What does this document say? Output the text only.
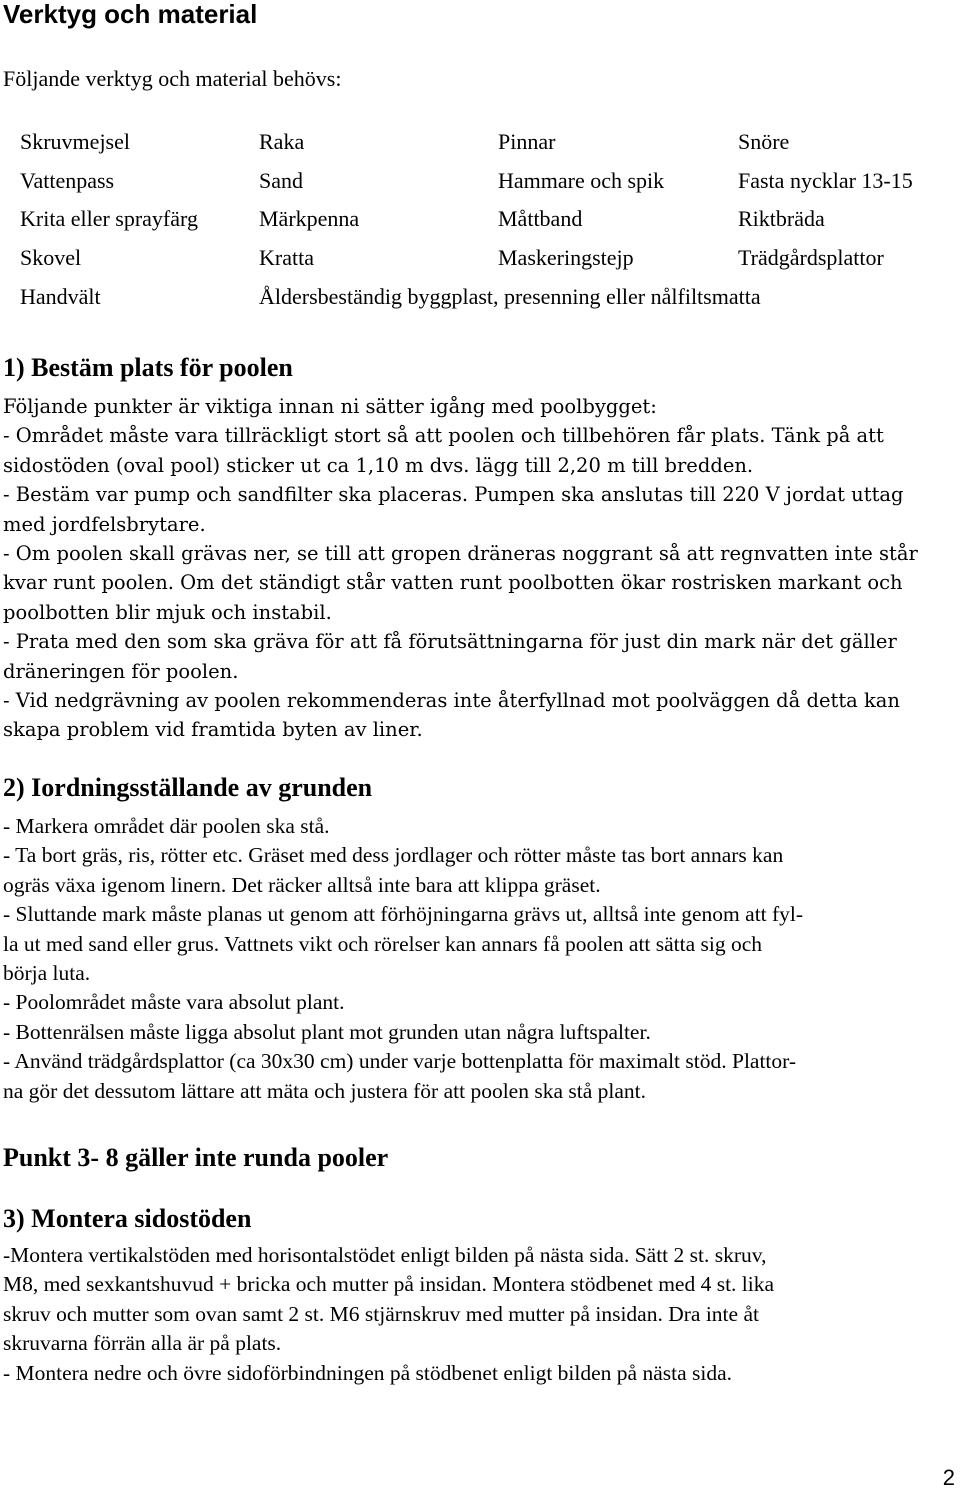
Verktyg och material
Följande verktyg och material behövs:
Skruvmejsel	Raka	Pinnar	Snöre
Vattenpass	Sand	Hammare och spik	Fasta nycklar 13-15
Krita eller sprayfärg	Märkpenna	Måttband	Riktbräda
Skovel	Kratta	Maskeringstejp	Trädgårdsplattor
Handvält	Åldersbeständig byggplast, presenning eller nålfiltsmatta
1) Bestäm plats för poolen
Följande punkter är viktiga innan ni sätter igång med poolbygget:
- Området måste vara tillräckligt stort så att poolen och tillbehören får plats. Tänk på att
sidostöden (oval pool) sticker ut ca 1,10 m dvs. lägg till 2,20 m till bredden.
- Bestäm var pump och sandfilter ska placeras. Pumpen ska anslutas till 220 V jordat uttag
med jordfelsbrytare.
- Om poolen skall grävas ner, se till att gropen dräneras noggrant så att regnvatten inte står
kvar runt poolen. Om det ständigt står vatten runt poolbotten ökar rostrisken markant och
poolbotten blir mjuk och instabil.
- Prata med den som ska gräva för att få förutsättningarna för just din mark när det gäller
dräneringen för poolen.
- Vid nedgrävning av poolen rekommenderas inte återfyllnad mot poolväggen då detta kan
skapa problem vid framtida byten av liner.
2) Iordningsställande av grunden
- Markera området där poolen ska stå.
- Ta bort gräs, ris, rötter etc. Gräset med dess jordlager och rötter måste tas bort annars kan
ogräs växa igenom linern. Det räcker alltså inte bara att klippa gräset.
- Sluttande mark måste planas ut genom att förhöjningarna grävs ut, alltså inte genom att fyl-
la ut med sand eller grus. Vattnets vikt och rörelser kan annars få poolen att sätta sig och
börja luta.
- Poolområdet måste vara absolut plant.
- Bottenrälsen måste ligga absolut plant mot grunden utan några luftspalter.
- Använd trädgårdsplattor (ca 30x30 cm) under varje bottenplatta för maximalt stöd. Plattor-
na gör det dessutom lättare att mäta och justera för att poolen ska stå plant.
Punkt 3- 8 gäller inte runda pooler
3) Montera sidostöden
-Montera vertikalstöden med horisontalstödet enligt bilden på nästa sida. Sätt 2 st. skruv,
M8, med sexkantshuvud + bricka och mutter på insidan. Montera stödbenet med 4 st. lika
skruv och mutter som ovan samt 2 st. M6 stjärnskruv med mutter på insidan. Dra inte åt
skruvarna förrän alla är på plats.
- Montera nedre och övre sidoförbindningen på stödbenet enligt bilden på nästa sida.
2
